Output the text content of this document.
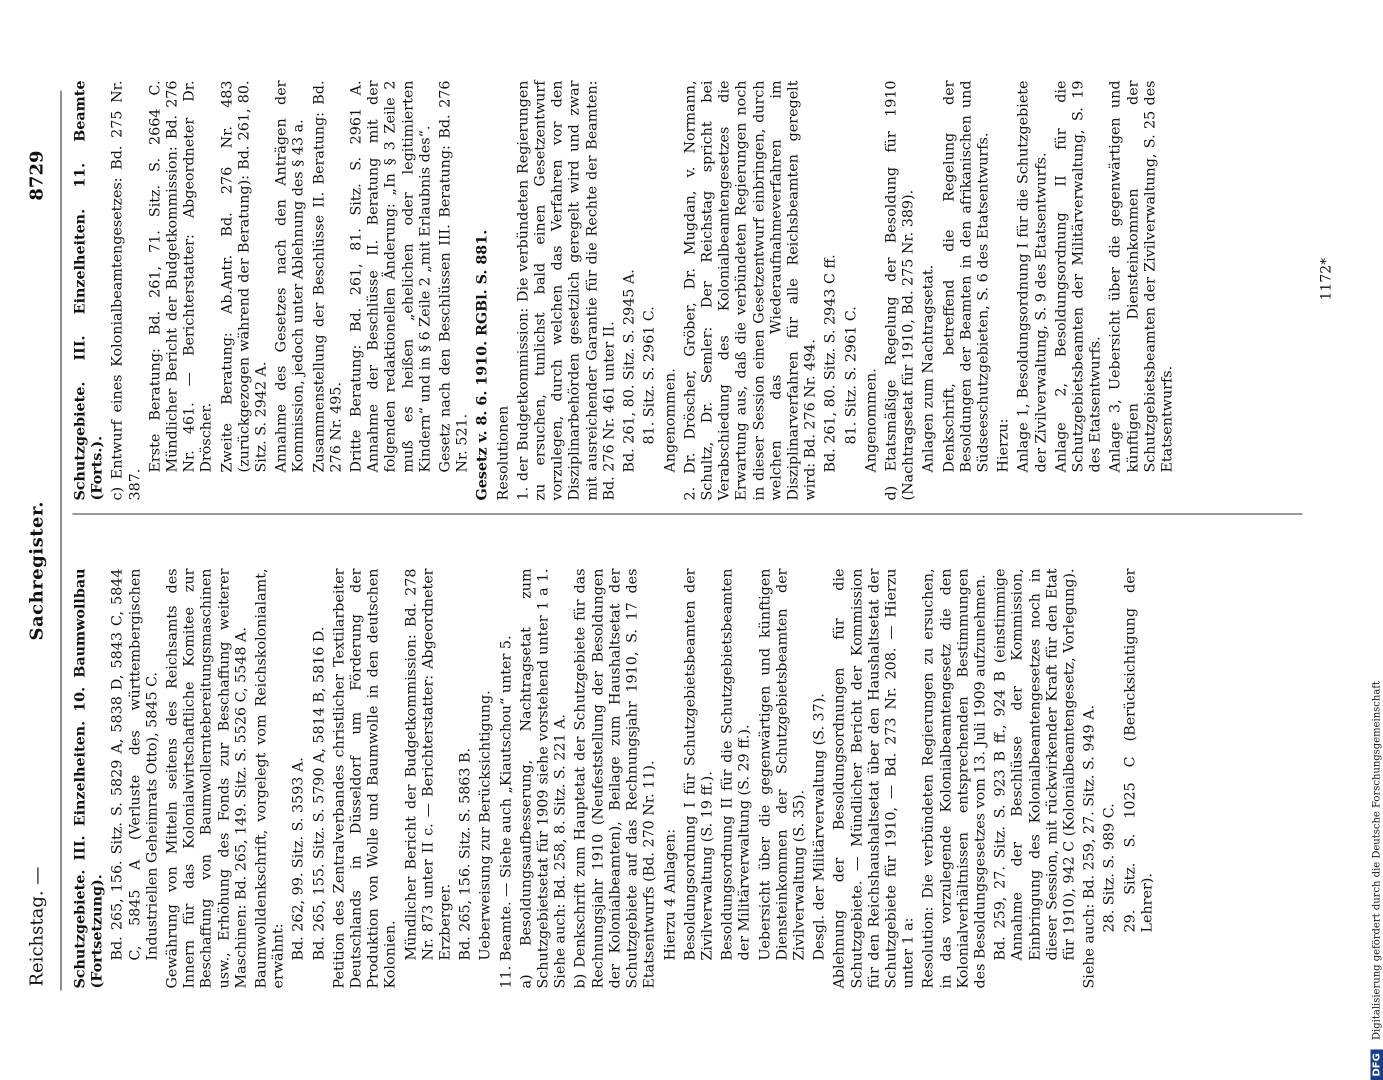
Reichstag. —
Sachregister.
8729

Schutzgebiete. III. Einzelheiten. 10. Baumwollbau (Fortsetzung). Bd. 265, 156. Sitz. S. 5829 A, 5838 D, 5843 C, 5844 C, 5845 A (Verluste des württembergischen Industriellen Geheimrats Otto), 5845 C. Gewährung von Mitteln seitens des Reichsamts des Innern für das Kolonialwirtschaftliche Komitee zur Beschaffung von Baumwollerntebereitungsmaschinen usw., Erhöhung des Fonds zur Beschaffung weiterer Maschinen: Bd. 265, 149. Sitz. S. 5526 C, 5548 A. Baumwolldenkschrift, vorgelegt vom Reichskolonialamt, erwähnt: Bd. 262, 99. Sitz. S. 3593 A. Bd. 265, 155. Sitz. S. 5790 A, 5814 B, 5816 D. Petition des Zentralverbandes christlicher Textilarbeiter Deutschlands in Düsseldorf um Förderung der Produktion von Wolle und Baumwolle in den deutschen Kolonien. Mündlicher Bericht der Budgetkommission: Bd. 278 Nr. 873 unter II c. — Berichterstatter: Abgeordneter Erzberger. Bd. 265, 156. Sitz. S. 5863 B. Ueberweisung zur Berücksichtigung. 11. Beamte. — Siehe auch „Kiautschou“ unter 5. a) Besoldungsaufbesserung, Nachtragsetat zum Schutzgebietsetat für 1909 siehe vorstehend unter 1 a 1. Siehe auch: Bd. 258, 8. Sitz. S. 221 A. b) Denkschrift zum Hauptetat der Schutzgebiete für das Rechnungsjahr 1910 (Neufeststellung der Besoldungen der Kolonialbeamten), Beilage zum Haushaltsetat der Schutzgebiete auf das Rechnungsjahr 1910, S. 17 des Etatsentwurfs (Bd. 270 Nr. 11). Hierzu 4 Anlagen: Besoldungsordnung I für Schutzgebietsbeamten der Zivilverwaltung (S. 19 ff.). Besoldungsordnung II für die Schutzgebietsbeamten der Militärverwaltung (S. 29 ff.). Uebersicht über die gegenwärtigen und künftigen Diensteinkommen der Schutzgebietsbeamten der Zivilverwaltung (S. 35). Desgl. der Militärverwaltung (S. 37). Ablehnung der Besoldungsordnungen für die Schutzgebiete. — Mündlicher Bericht der Kommission für den Reichshaushaltsetat über den Haushaltsetat der Schutzgebiete für 1910, — Bd. 273 Nr. 208. — Hierzu unter 1 a: Resolution: Die verbündeten Regierungen zu ersuchen, in das vorzulegende Kolonialbeamtengesetz die den Kolonialverhältnissen entsprechenden Bestimmungen des Besoldungsgesetzes vom 13. Juli 1909 aufzunehmen. Bd. 259, 27. Sitz. S. 923 B ff., 924 B (einstimmige Annahme der Beschlüsse der Kommission, Einbringung des Kolonialbeamtengesetzes noch in dieser Session, mit rückwirkender Kraft für den Etat für 1910), 942 C (Kolonialbeamtengesetz, Vorlegung). Siehe auch: Bd. 259, 27. Sitz. S. 949 A. 28. Sitz. S. 989 C. 29. Sitz. S. 1025 C (Berücksichtigung der Lehrer).

Schutzgebiete. III. Einzelheiten. 11. Beamte (Forts.). c) Entwurf eines Kolonialbeamtengesetzes: Bd. 275 Nr. 387.

Erste Beratung: Bd. 261, 71. Sitz. S. 2664 C. Mündlicher Bericht der Budgetkommission: Bd. 276 Nr. 461. — Berichterstatter: Abgeordneter Dr. Dröscher. Zweite Beratung: Ab.Antr. Bd. 276 Nr. 483 (zurückgezogen während der Beratung): Bd. 261, 80. Sitz. S. 2942 A. Annahme des Gesetzes nach den Anträgen der Kommission, jedoch unter Ablehnung des § 43 a. Zusammenstellung der Beschlüsse II. Beratung: Bd. 276 Nr. 495. Dritte Beratung: Bd. 261, 81. Sitz. S. 2961 A. Annahme der Beschlüsse II. Beratung mit der folgenden redaktionellen Änderung: „In § 3 Zeile 2 muß es heißen „ehelichen oder legitimierten Kindern“ und in § 6 Zeile 2 „mit Erlaubnis des“. Gesetz nach den Beschlüssen III. Beratung: Bd. 276 Nr. 521. Gesetz v. 8. 6. 1910. RGBl. S. 881. Resolutionen 1. der Budgetkommission: Die verbündeten Regierungen zu ersuchen, tunlichst bald einen Gesetzentwurf vorzulegen, durch welchen das Verfahren vor den Disziplinarbehörden gesetzlich geregelt wird und zwar mit ausreichender Garantie für die Rechte der Beamten: Bd. 276 Nr. 461 unter II. Bd. 261, 80. Sitz. S. 2945 A. 81. Sitz. S. 2961 C. Angenommen. 2. Dr. Dröscher, Gröber, Dr. Mugdan, v. Normann, Schultz, Dr. Semler: Der Reichstag spricht bei Verabschiedung des Kolonialbeamtengesetzes die Erwartung aus, daß die verbündeten Regierungen noch in dieser Session einen Gesetzentwurf einbringen, durch welchen das Wiederaufnahmeverfahren im Disziplinarverfahren für alle Reichsbeamten geregelt wird: Bd. 276 Nr. 494. Bd. 261, 80. Sitz. S. 2943 C ff. 81. Sitz. S. 2961 C. Angenommen. d) Etatsmäßige Regelung der Besoldung für 1910 (Nachtragsetat für 1910, Bd. 275 Nr. 389). Anlagen zum Nachtragsetat. Denkschrift, betreffend die Regelung der Besoldungen der Beamten in den afrikanischen und Südseeschutzgebieten, S. 6 des Etatsentwurfs. Hierzu: Anlage 1, Besoldungsordnung I für die Schutzgebiete der Zivilverwaltung, S. 9 des Etatsentwurfs. Anlage 2, Besoldungsordnung II für die Schutzgebietsbeamten der Militärverwaltung, S. 19 des Etatsentwurfs. Anlage 3, Uebersicht über die gegenwärtigen und künftigen Diensteinkommen der Schutzgebietsbeamten der Zivilverwaltung, S. 25 des Etatsentwurfs.

1172*
DFG Digitalisierung gefördert durch die Deutsche Forschungsgemeinschaft
